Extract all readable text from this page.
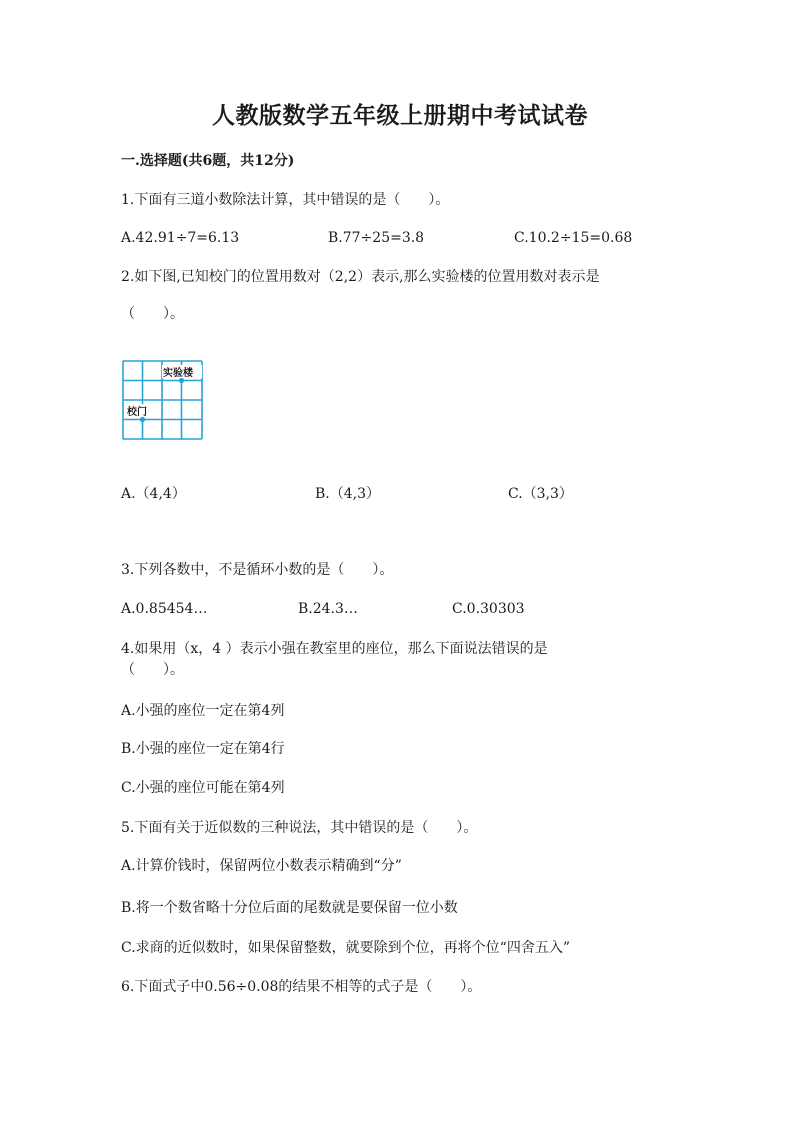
人教版数学五年级上册期中考试试卷
一.选择题(共6题，共12分)
1.下面有三道小数除法计算，其中错误的是（　　）。
A.42.91÷7=6.13	B.77÷25=3.8	C.10.2÷15=0.68
2.如下图,已知校门的位置用数对（2,2）表示,那么实验楼的位置用数对表示是
（　　）。
实验楼
校门
A.（4,4）	B.（4,3）	C.（3,3）
3.下列各数中，不是循环小数的是（　　）。
A.0.85454…	B.24.3…	C.0.30303
4.如果用（x，4 ）表示小强在教室里的座位，那么下面说法错误的是
（　　）。
A.小强的座位一定在第4列
B.小强的座位一定在第4行
C.小强的座位可能在第4列
5.下面有关于近似数的三种说法，其中错误的是（　　）。
A.计算价钱时，保留两位小数表示精确到“分”
B.将一个数省略十分位后面的尾数就是要保留一位小数
C.求商的近似数时，如果保留整数，就要除到个位，再将个位“四舍五入”
6.下面式子中0.56÷0.08的结果不相等的式子是（　　）。
